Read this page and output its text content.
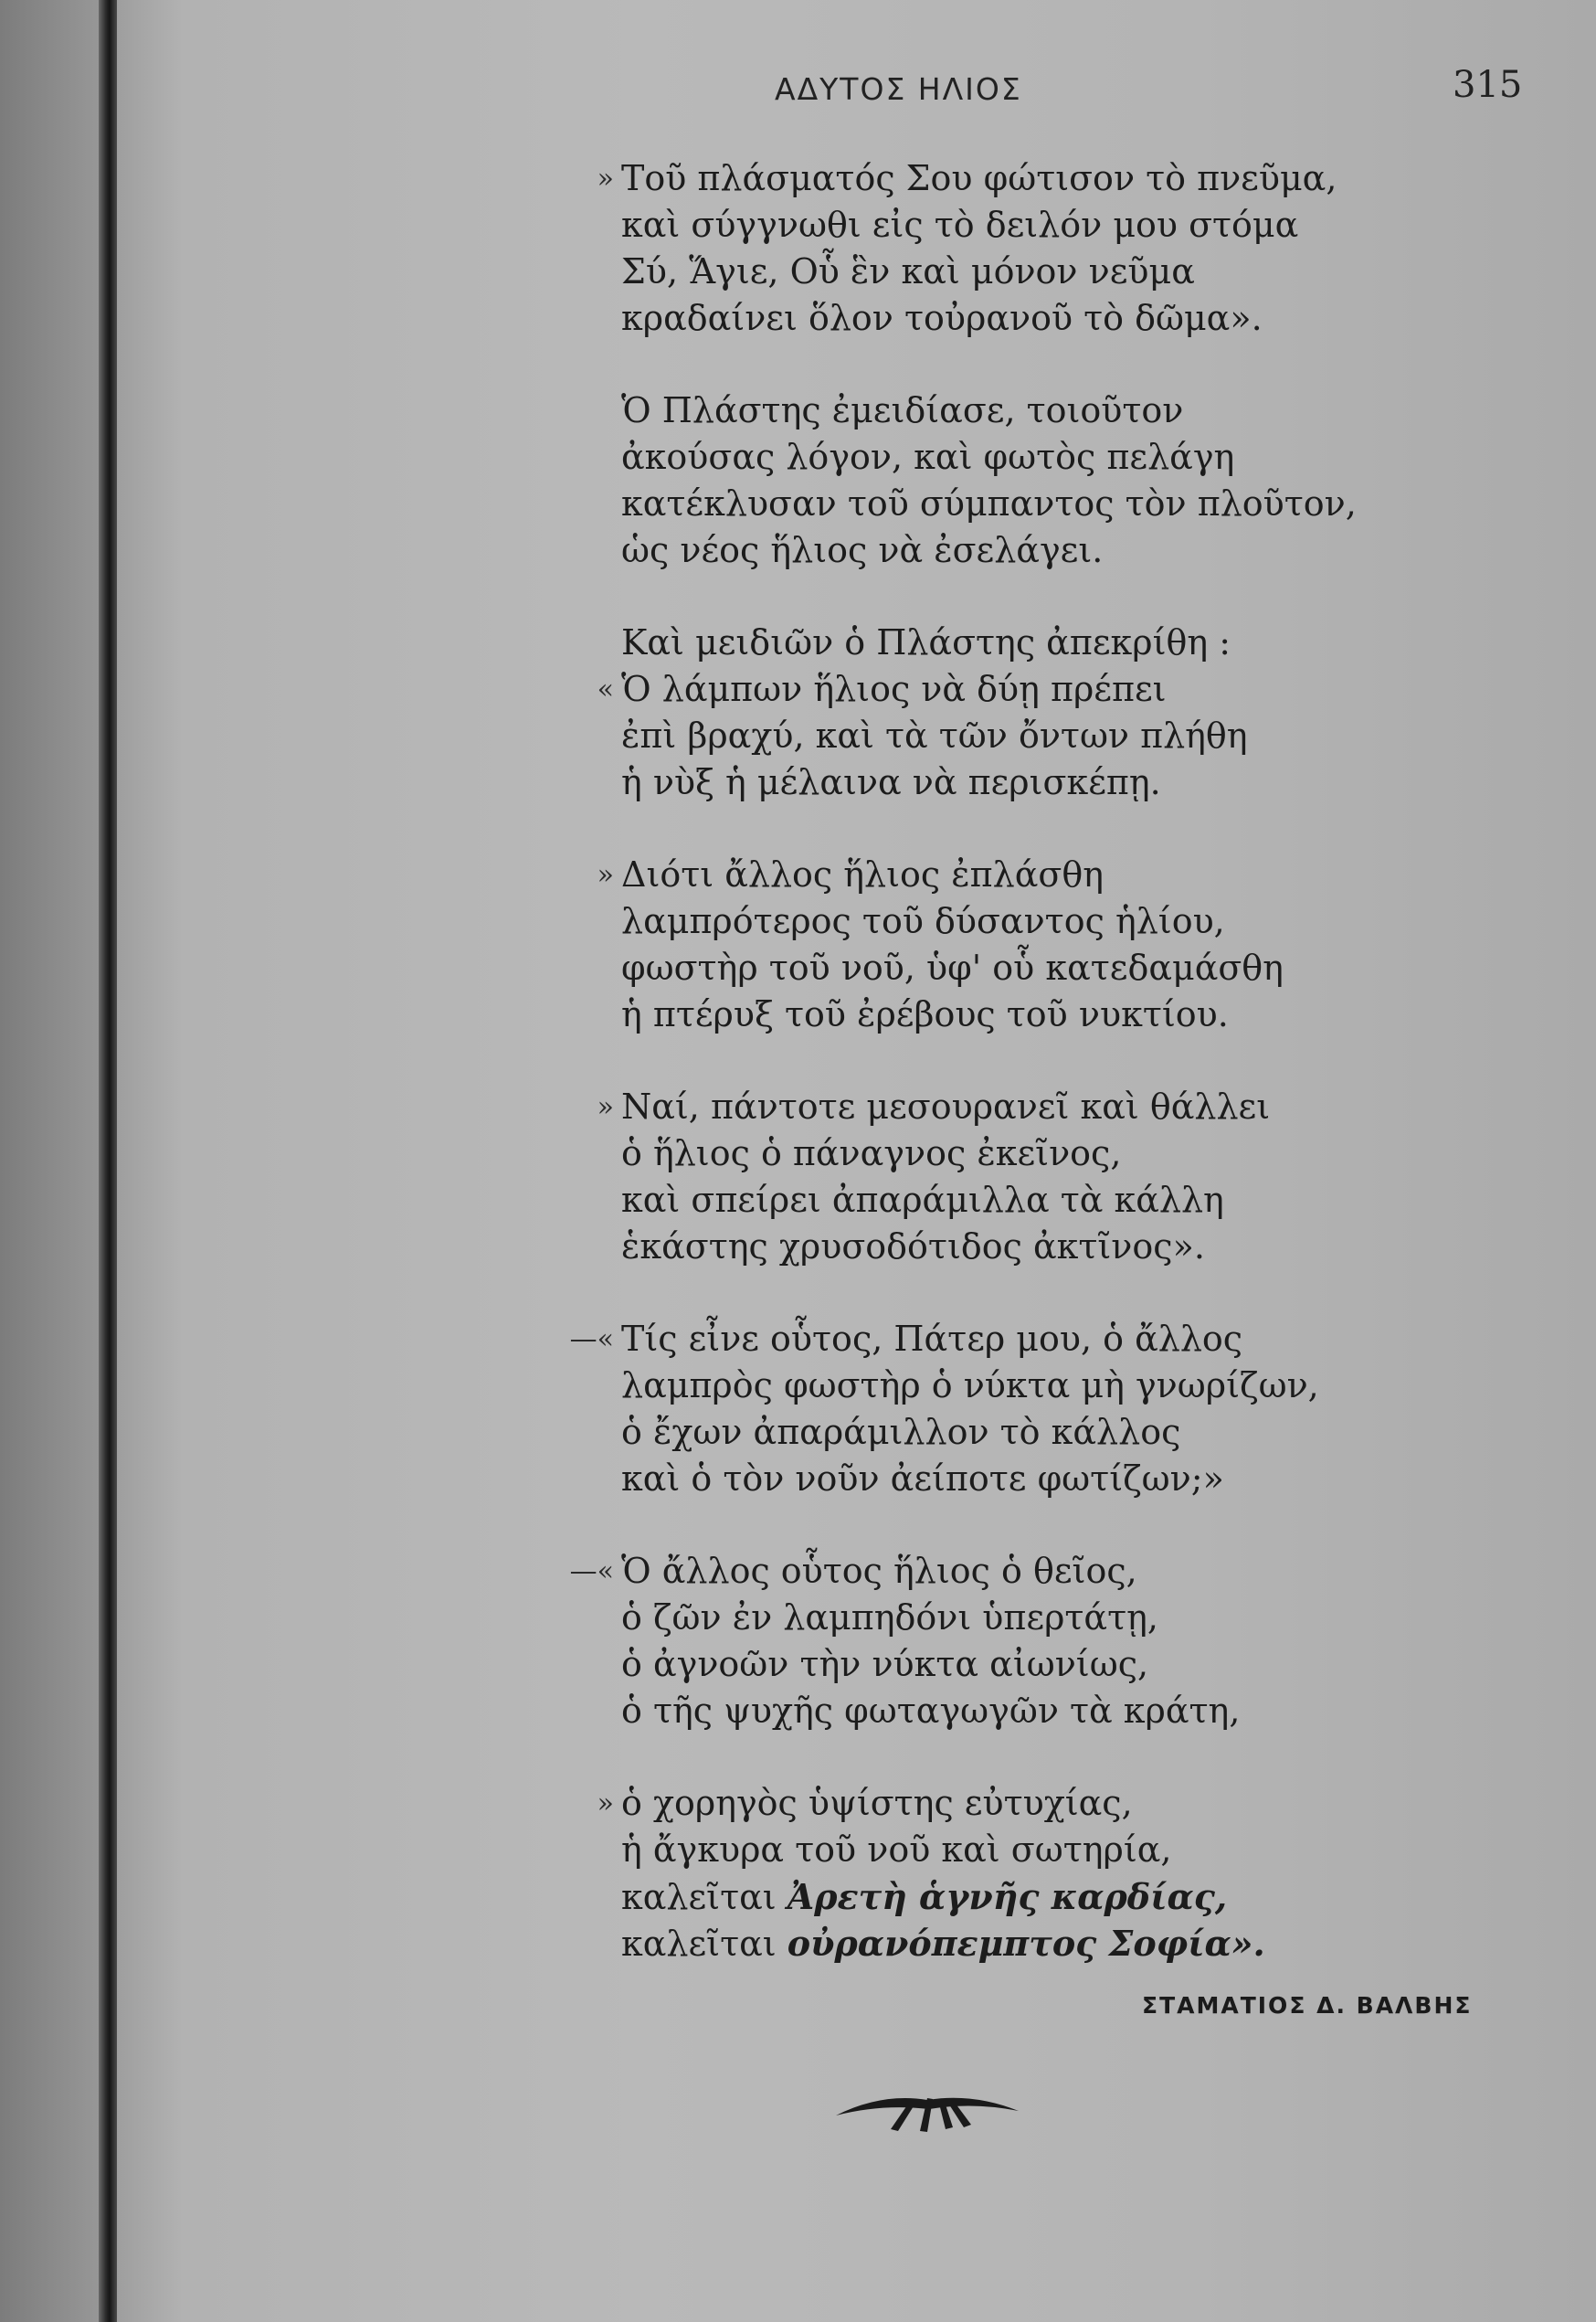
ΑΔΥΤΟΣ ΗΛΙΟΣ	315
» Τοῦ πλάσματός Σου φώτισον τὸ πνεῦμα,
καὶ σύγγνωθι εἰς τὸ δειλόν μου στόμα
Σύ, Ἅγιε, Οὗ ἓν καὶ μόνον νεῦμα
κραδαίνει ὅλον τοὐρανοῦ τὸ δῶμα».
Ὁ Πλάστης ἐμειδίασε, τοιοῦτον
ἀκούσας λόγον, καὶ φωτὸς πελάγη
κατέκλυσαν τοῦ σύμπαντος τὸν πλοῦτον,
ὡς νέος ἥλιος νὰ ἐσελάγει.
Καὶ μειδιῶν ὁ Πλάστης ἀπεκρίθη :
« Ὁ λάμπων ἥλιος νὰ δύῃ πρέπει
ἐπὶ βραχύ, καὶ τὰ τῶν ὄντων πλήθη
ἡ νὺξ ἡ μέλαινα νὰ περισκέπῃ.
» Διότι ἄλλος ἥλιος ἐπλάσθη
λαμπρότερος τοῦ δύσαντος ἡλίου,
φωστὴρ τοῦ νοῦ, ὑφ' οὗ κατεδαμάσθη
ἡ πτέρυξ τοῦ ἐρέβους τοῦ νυκτίου.
» Ναί, πάντοτε μεσουρανεῖ καὶ θάλλει
ὁ ἥλιος ὁ πάναγνος ἐκεῖνος,
καὶ σπείρει ἀπαράμιλλα τὰ κάλλη
ἑκάστης χρυσοδότιδος ἀκτῖνος».
—« Τίς εἶνε οὗτος, Πάτερ μου, ὁ ἄλλος
λαμπρὸς φωστὴρ ὁ νύκτα μὴ γνωρίζων,
ὁ ἔχων ἀπαράμιλλον τὸ κάλλος
καὶ ὁ τὸν νοῦν ἀείποτε φωτίζων;»
—« Ὁ ἄλλος οὗτος ἥλιος ὁ θεῖος,
ὁ ζῶν ἐν λαμπηδόνι ὑπερτάτῃ,
ὁ ἀγνοῶν τὴν νύκτα αἰωνίως,
ὁ τῆς ψυχῆς φωταγωγῶν τὰ κράτη,
» ὁ χορηγὸς ὑψίστης εὐτυχίας,
ἡ ἄγκυρα τοῦ νοῦ καὶ σωτηρία,
καλεῖται Ἀρετὴ ἁγνῆς καρδίας,
καλεῖται οὐρανόπεμπτος Σοφία».
ΣΤΑΜΑΤΙΟΣ Δ. ΒΑΛΒΗΣ
